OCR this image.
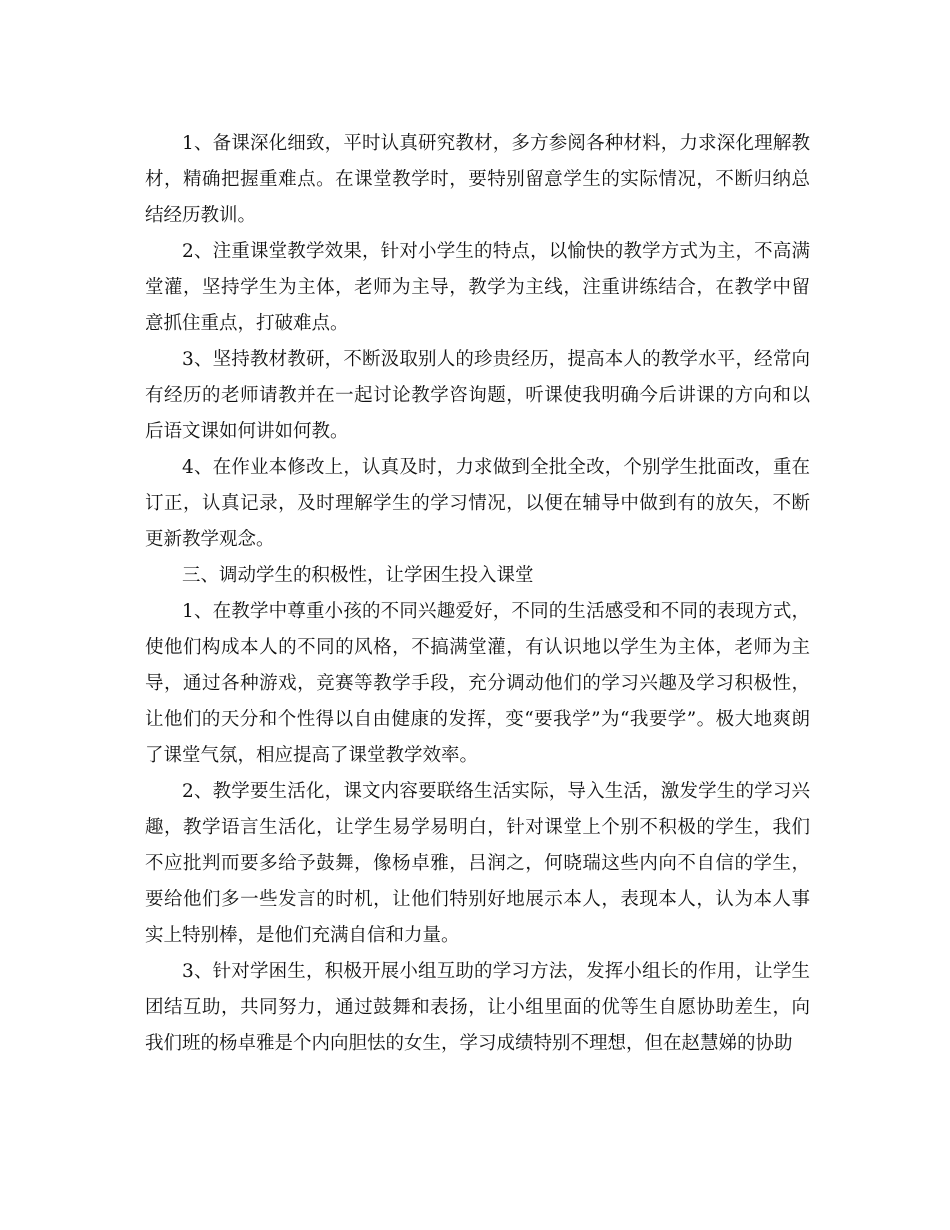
1、备课深化细致，平时认真研究教材，多方参阅各种材料，力求深化理解教材，精确把握重难点。在课堂教学时，要特别留意学生的实际情况，不断归纳总结经历教训。

2、注重课堂教学效果，针对小学生的特点，以愉快的教学方式为主，不高满堂灌，坚持学生为主体，老师为主导，教学为主线，注重讲练结合，在教学中留意抓住重点，打破难点。

3、坚持教材教研，不断汲取别人的珍贵经历，提高本人的教学水平，经常向有经历的老师请教并在一起讨论教学咨询题，听课使我明确今后讲课的方向和以后语文课如何讲如何教。

4、在作业本修改上，认真及时，力求做到全批全改，个别学生批面改，重在订正，认真记录，及时理解学生的学习情况，以便在辅导中做到有的放矢，不断更新教学观念。

三、调动学生的积极性，让学困生投入课堂

1、在教学中尊重小孩的不同兴趣爱好，不同的生活感受和不同的表现方式，使他们构成本人的不同的风格，不搞满堂灌，有认识地以学生为主体，老师为主导，通过各种游戏，竞赛等教学手段，充分调动他们的学习兴趣及学习积极性，让他们的天分和个性得以自由健康的发挥，变“要我学”为“我要学”。极大地爽朗了课堂气氛，相应提高了课堂教学效率。

2、教学要生活化，课文内容要联络生活实际，导入生活，激发学生的学习兴趣，教学语言生活化，让学生易学易明白，针对课堂上个别不积极的学生，我们不应批判而要多给予鼓舞，像杨卓雅，吕润之，何晓瑞这些内向不自信的学生，要给他们多一些发言的时机，让他们特别好地展示本人，表现本人，认为本人事实上特别棒，是他们充满自信和力量。

3、针对学困生，积极开展小组互助的学习方法，发挥小组长的作用，让学生团结互助，共同努力，通过鼓舞和表扬，让小组里面的优等生自愿协助差生，向我们班的杨卓雅是个内向胆怯的女生，学习成绩特别不理想，但在赵慧娣的协助
